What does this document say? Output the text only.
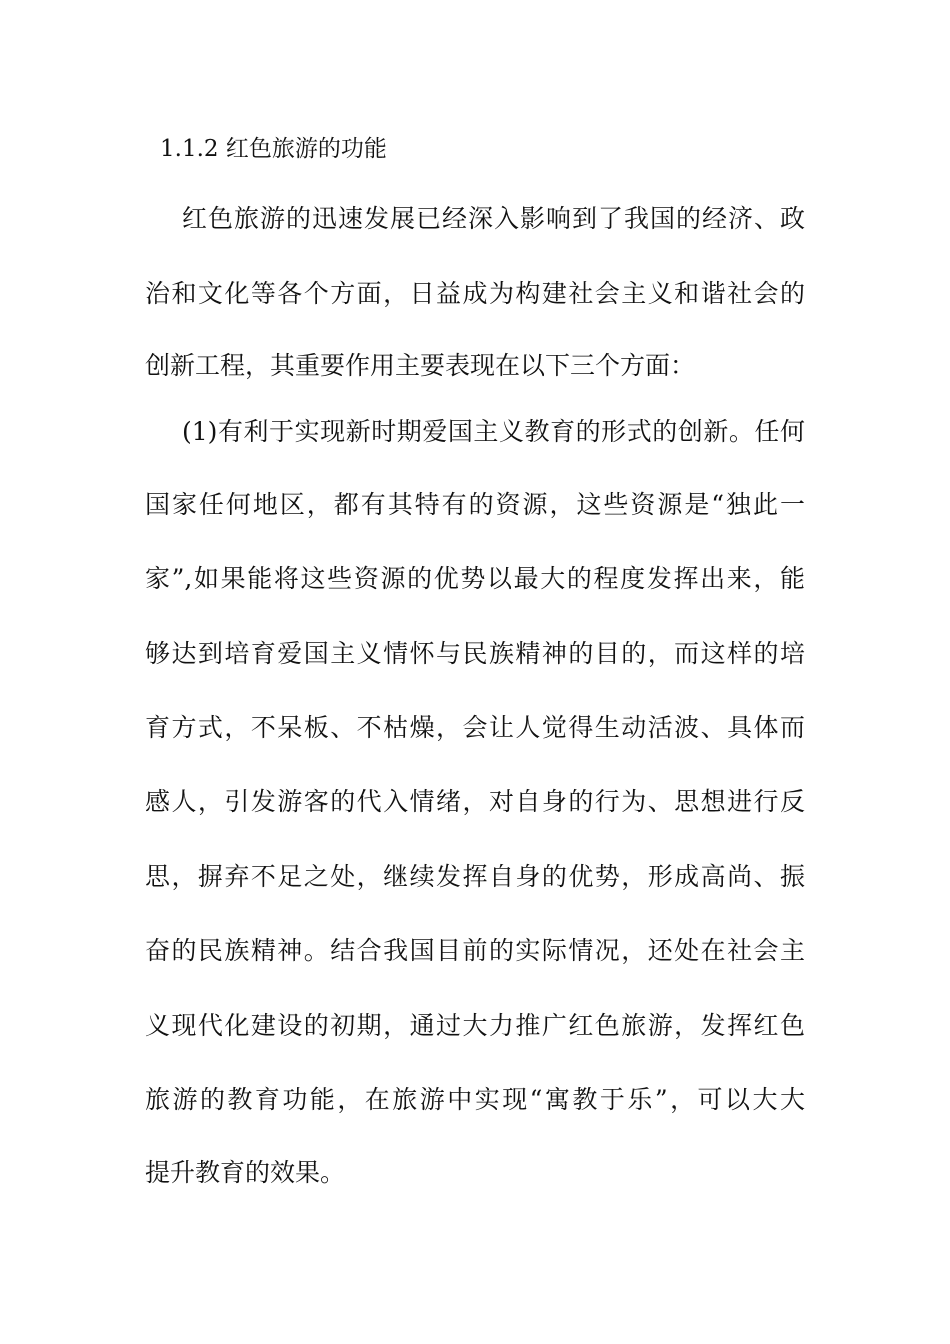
1.1.2 红色旅游的功能
红色旅游的迅速发展已经深入影响到了我国的经济、政
治和文化等各个方面，日益成为构建社会主义和谐社会的
创新工程，其重要作用主要表现在以下三个方面：
(1)有利于实现新时期爱国主义教育的形式的创新。任何
国家任何地区，都有其特有的资源，这些资源是“独此一
家”,如果能将这些资源的优势以最大的程度发挥出来，能
够达到培育爱国主义情怀与民族精神的目的，而这样的培
育方式，不呆板、不枯燥，会让人觉得生动活波、具体而
感人，引发游客的代入情绪，对自身的行为、思想进行反
思，摒弃不足之处，继续发挥自身的优势，形成高尚、振
奋的民族精神。结合我国目前的实际情况，还处在社会主
义现代化建设的初期，通过大力推广红色旅游，发挥红色
旅游的教育功能，在旅游中实现“寓教于乐”，可以大大
提升教育的效果。
